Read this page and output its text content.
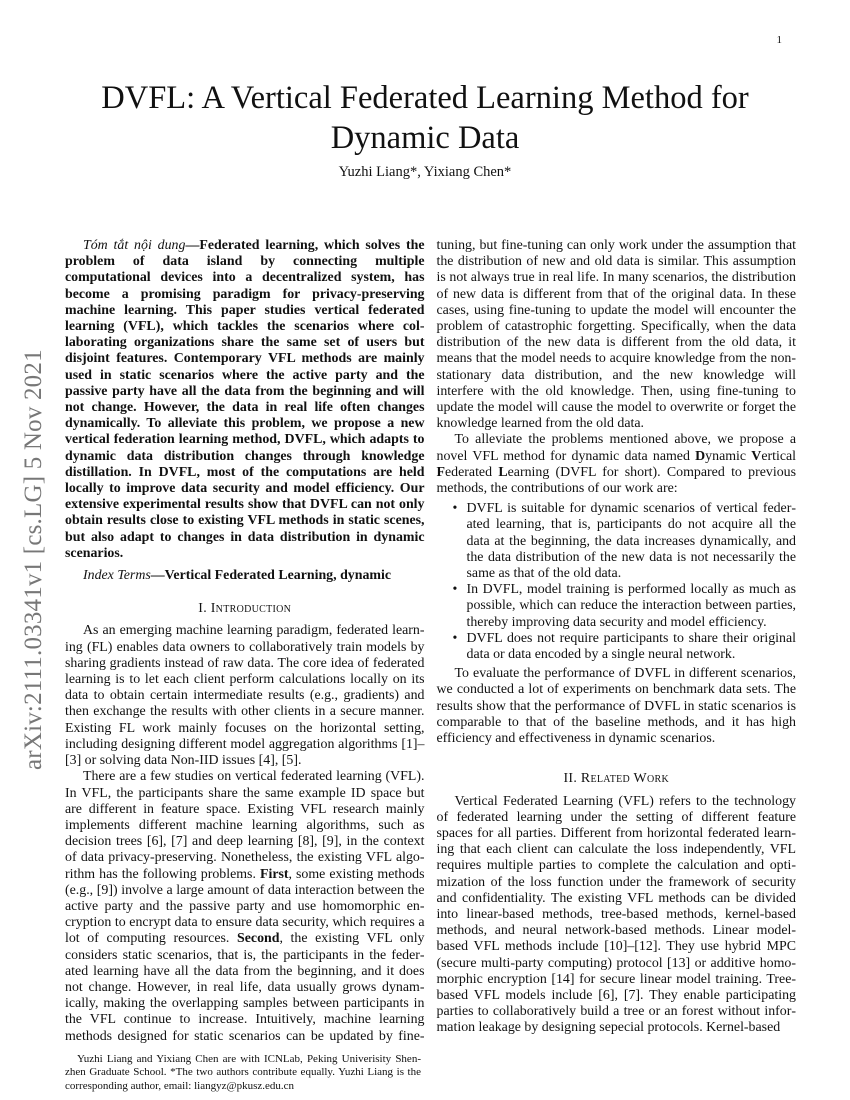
1
arXiv:2111.03341v1 [cs.LG] 5 Nov 2021
DVFL: A Vertical Federated Learning Method for
Dynamic Data
Yuzhi Liang*, Yixiang Chen*

Tóm tắt nội dung—Federated learning, which solves the problem of data island by connecting multiple computational devices into a decentralized system, has become a promising paradigm for privacy-preserving machine learning. This paper studies vertical federated learning (VFL), which tackles the scenarios where collaborating organizations share the same set of users but disjoint features. Contemporary VFL methods are mainly used in static scenarios where the active party and the passive party have all the data from the beginning and will not change. However, the data in real life often changes dynamically. To alleviate this problem, we propose a new vertical federation learning method, DVFL, which adapts to dynamic data distribution changes through knowledge distillation. In DVFL, most of the computations are held locally to improve data security and model efficiency. Our extensive experimental results show that DVFL can not only obtain results close to existing VFL methods in static scenes, but also adapt to changes in data distribution in dynamic scenarios.

Index Terms—Vertical Federated Learning, dynamic

I. Introduction

As an emerging machine learning paradigm, federated learning (FL) enables data owners to collaboratively train models by sharing gradients instead of raw data. The core idea of federated learning is to let each client perform calculations locally on its data to obtain certain intermediate results (e.g., gradients) and then exchange the results with other clients in a secure manner. Existing FL work mainly focuses on the horizontal setting, including designing different model aggregation algorithms [1]–[3] or solving data Non-IID issues [4], [5].

There are a few studies on vertical federated learning (VFL). In VFL, the participants share the same example ID space but are different in feature space. Existing VFL research mainly implements different machine learning algorithms, such as decision trees [6], [7] and deep learning [8], [9], in the context of data privacy-preserving. Nonetheless, the existing VFL algorithm has the following problems. First, some existing methods (e.g., [9]) involve a large amount of data interaction between the active party and the passive party and use homomorphic encryption to encrypt data to ensure data security, which requires a lot of computing resources. Second, the existing VFL only considers static scenarios, that is, the participants in the federated learning have all the data from the beginning, and it does not change. However, in real life, data usually grows dynamically, making the overlapping samples between participants in the VFL continue to increase. Intuitively, machine learning methods designed for static scenarios can be updated by fine-tuning, but fine-tuning can only work under the assumption that the distribution of new and old data is similar. This assumption is not always true in real life. In many scenarios, the distribution of new data is different from that of the original data. In these cases, using fine-tuning to update the model will encounter the problem of catastrophic forgetting. Specifically, when the data distribution of the new data is different from the old data, it means that the model needs to acquire knowledge from the non-stationary data distribution, and the new knowledge will interfere with the old knowledge. Then, using fine-tuning to update the model will cause the model to overwrite or forget the knowledge learned from the old data.

To alleviate the problems mentioned above, we propose a novel VFL method for dynamic data named Dynamic Vertical Federated Learning (DVFL for short). Compared to previous methods, the contributions of our work are:

• DVFL is suitable for dynamic scenarios of vertical federated learning, that is, participants do not acquire all the data at the beginning, the data increases dynamically, and the data distribution of the new data is not necessarily the same as that of the old data.
• In DVFL, model training is performed locally as much as possible, which can reduce the interaction between parties, thereby improving data security and model efficiency.
• DVFL does not require participants to share their original data or data encoded by a single neural network.

To evaluate the performance of DVFL in different scenarios, we conducted a lot of experiments on benchmark data sets. The results show that the performance of DVFL in static scenarios is comparable to that of the baseline methods, and it has high efficiency and effectiveness in dynamic scenarios.

II. Related Work

Vertical Federated Learning (VFL) refers to the technology of federated learning under the setting of different feature spaces for all parties. Different from horizontal federated learning that each client can calculate the loss independently, VFL requires multiple parties to complete the calculation and optimization of the loss function under the framework of security and confidentiality. The existing VFL methods can be divided into linear-based methods, tree-based methods, kernel-based methods, and neural network-based methods. Linear model-based VFL methods include [10]–[12]. They use hybrid MPC (secure multi-party computing) protocol [13] or additive homomorphic encryption [14] for secure linear model training. Tree-based VFL models include [6], [7]. They enable participating parties to collaboratively build a tree or an forest without information leakage by designing sepecial protocols. Kernel-based

Yuzhi Liang and Yixiang Chen are with ICNLab, Peking Univerisity Shenzhen Graduate School. *The two authors contribute equally. Yuzhi Liang is the corresponding author, email: liangyz@pkusz.edu.cn
